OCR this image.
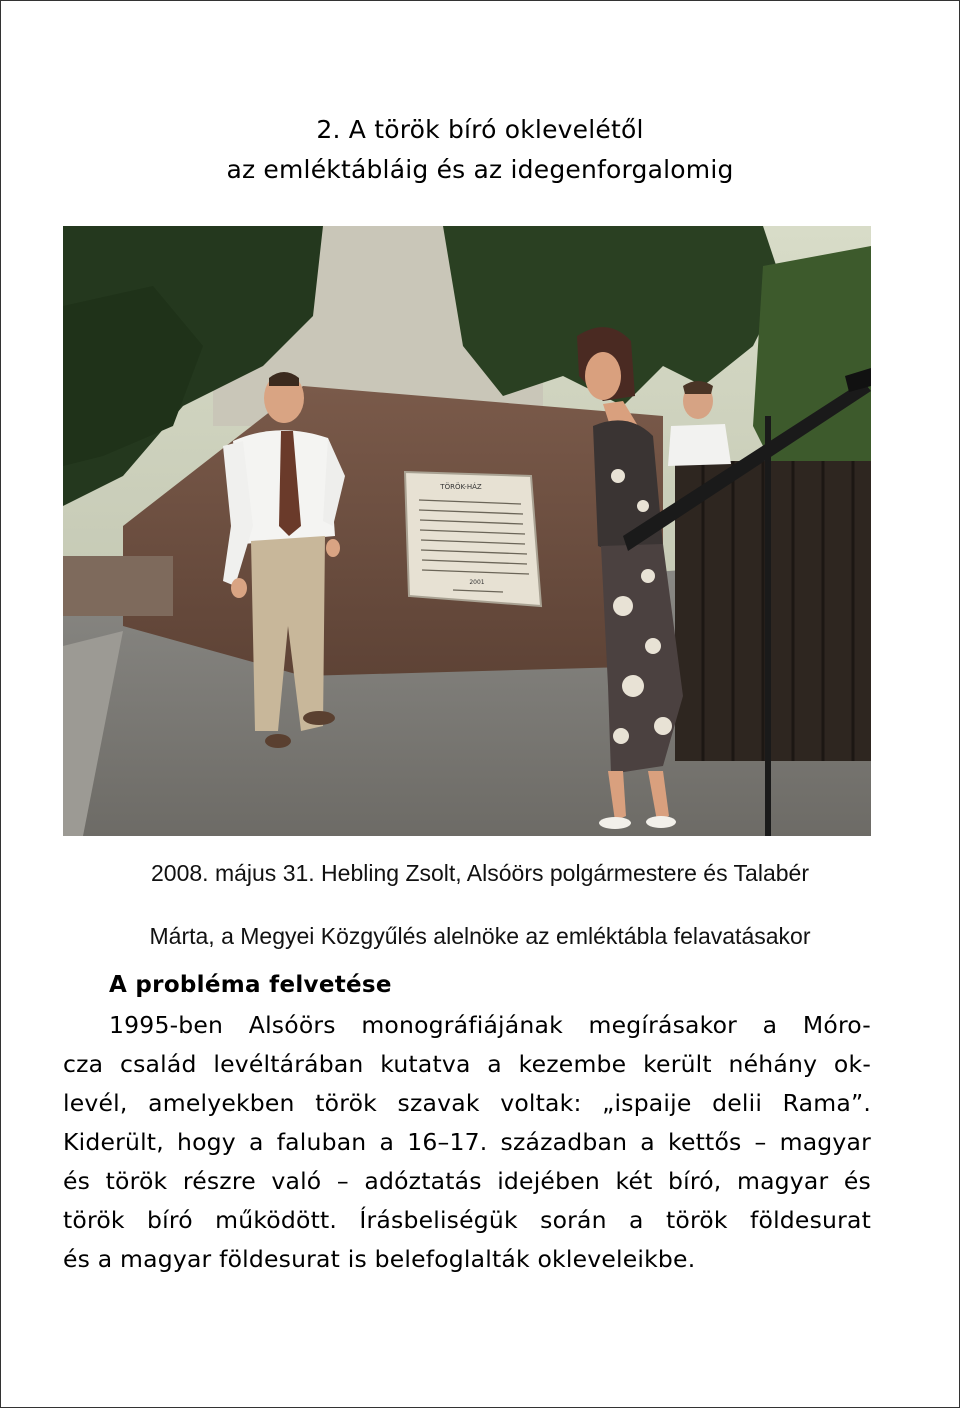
2. A török bíró oklevelétől
az emléktábláig és az idegenforgalomig
TÖRÖK-HÁZ
2001
2008. május 31. Hebling Zsolt, Alsóörs polgármestere és Talabér
Márta, a Megyei Közgyűlés alelnöke az emléktábla felavatásakor
A probléma felvetése
1995-ben Alsóörs monográfiájának megírásakor a Móro-
cza család levéltárában kutatva a kezembe került néhány ok-
levél, amelyekben török szavak voltak: „ispaije delii Rama”.
Kiderült, hogy a faluban a 16–17. században a kettős – magyar
és török részre való – adóztatás idejében két bíró, magyar és
török bíró működött. Írásbeliségük során a török földesurat
és a magyar földesurat is belefoglalták okleveleikbe.
